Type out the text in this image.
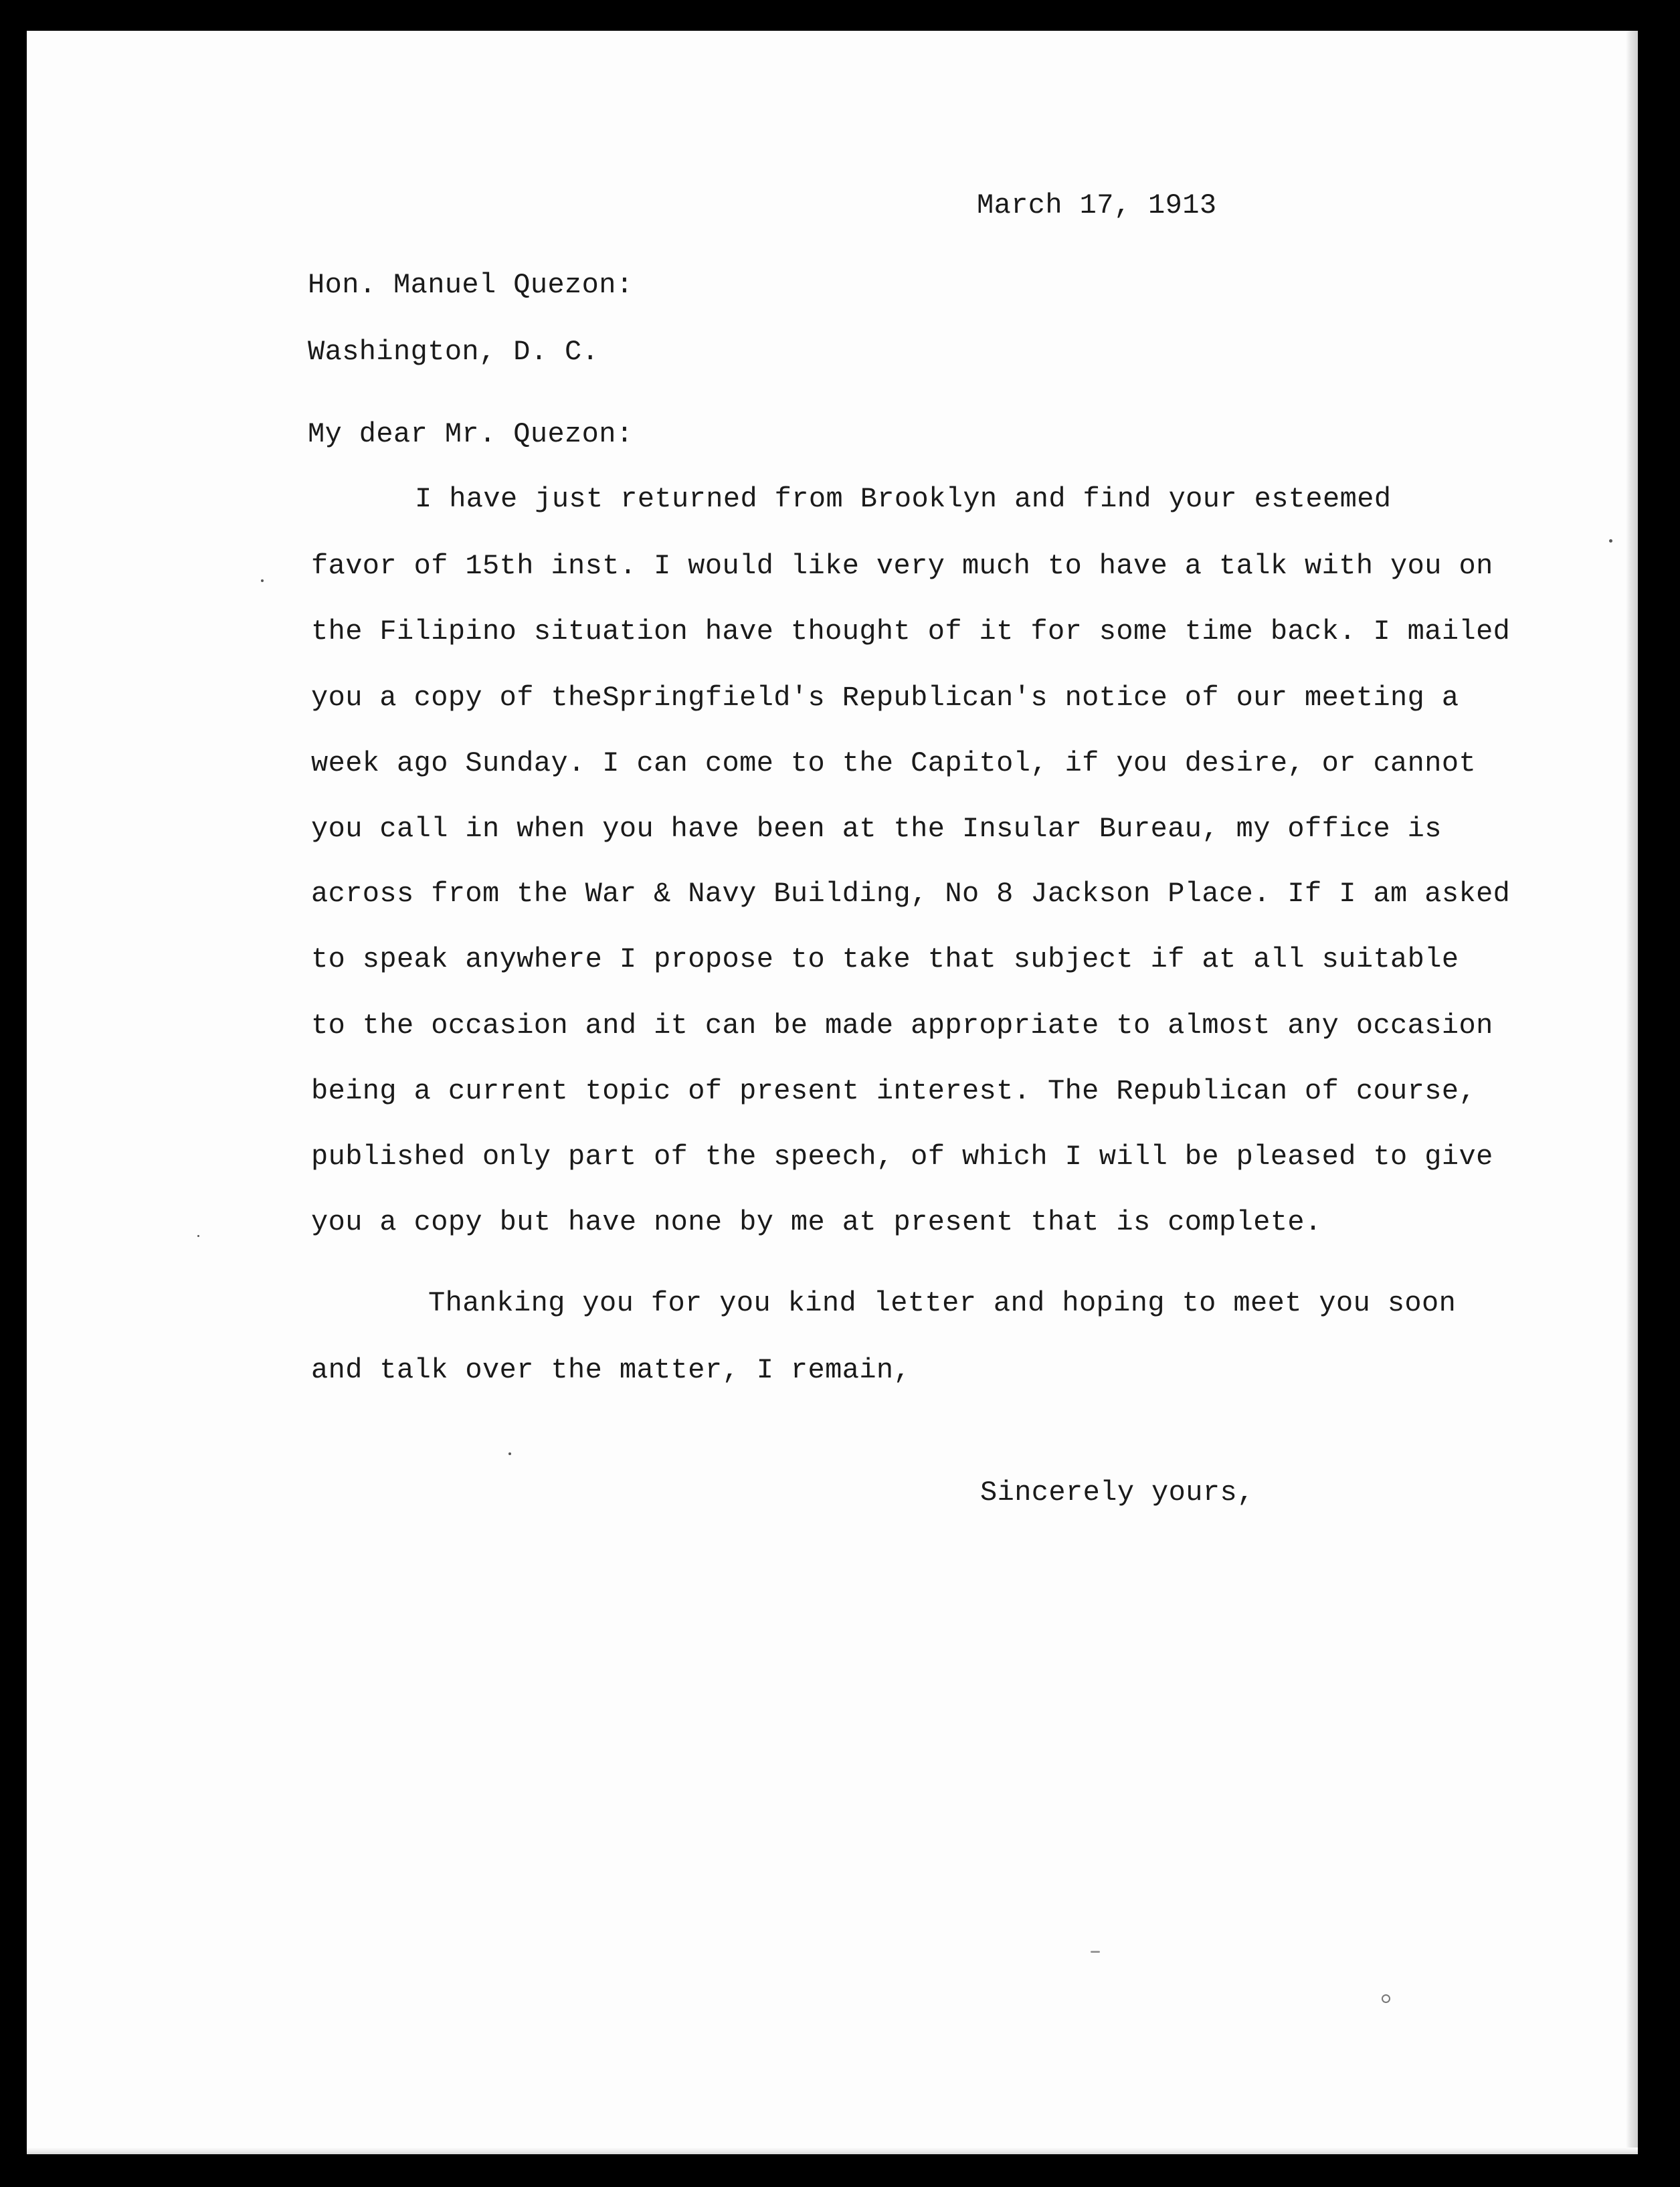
March 17, 1913
Hon. Manuel Quezon:
Washington, D. C.
My dear Mr. Quezon:
I have just returned from Brooklyn and find your esteemed
favor of 15th inst. I would like very much to have a talk with you on
the Filipino situation have thought of it for some time back. I mailed
you a copy of theSpringfield's Republican's notice of our meeting a
week ago Sunday. I can come to the Capitol, if you desire, or cannot
you call in when you have been at the Insular Bureau, my office is
across from the War & Navy Building, No 8 Jackson Place. If I am asked
to speak anywhere I propose to take that subject if at all suitable
to the occasion and it can be made appropriate to almost any occasion
being a current topic of present interest. The Republican of course,
published only part of the speech, of which I will be pleased to give
you a copy but have none by me at present that is complete.
Thanking you for you kind letter and hoping to meet you soon
and talk over the matter, I remain,
Sincerely yours,
